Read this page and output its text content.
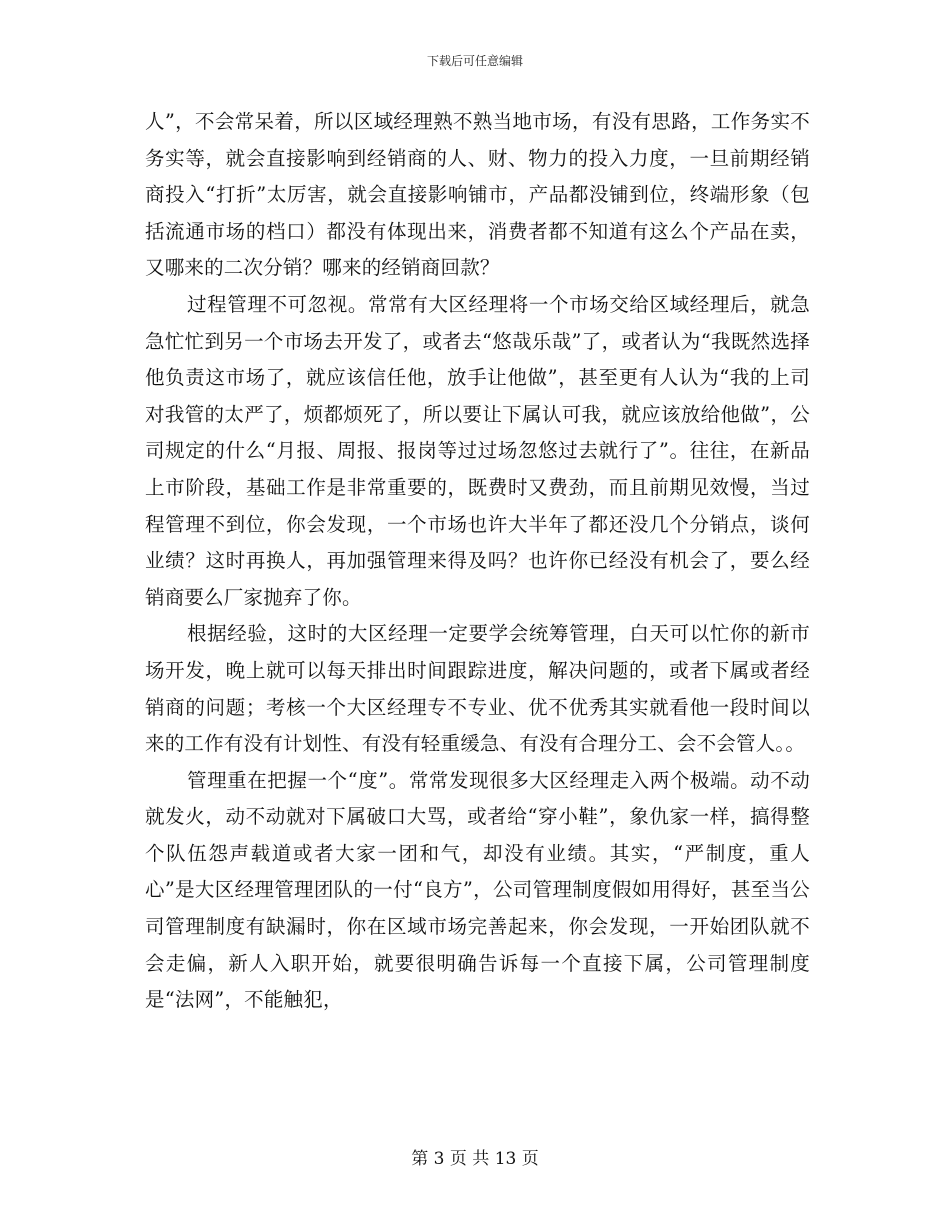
下载后可任意编辑

人”，不会常呆着，所以区域经理熟不熟当地市场，有没有思路，工作务实不务实等，就会直接影响到经销商的人、财、物力的投入力度，一旦前期经销商投入“打折”太厉害，就会直接影响铺市，产品都没铺到位，终端形象（包括流通市场的档口）都没有体现出来，消费者都不知道有这么个产品在卖，又哪来的二次分销？哪来的经销商回款？

过程管理不可忽视。常常有大区经理将一个市场交给区域经理后，就急急忙忙到另一个市场去开发了，或者去“悠哉乐哉”了，或者认为“我既然选择他负责这市场了，就应该信任他，放手让他做”，甚至更有人认为“我的上司对我管的太严了，烦都烦死了，所以要让下属认可我，就应该放给他做”，公司规定的什么“月报、周报、报岗等过过场忽悠过去就行了”。往往，在新品上市阶段，基础工作是非常重要的，既费时又费劲，而且前期见效慢，当过程管理不到位，你会发现，一个市场也许大半年了都还没几个分销点，谈何业绩？这时再换人，再加强管理来得及吗？也许你已经没有机会了，要么经销商要么厂家抛弃了你。

根据经验，这时的大区经理一定要学会统筹管理，白天可以忙你的新市场开发，晚上就可以每天排出时间跟踪进度，解决问题的，或者下属或者经销商的问题；考核一个大区经理专不专业、优不优秀其实就看他一段时间以来的工作有没有计划性、有没有轻重缓急、有没有合理分工、会不会管人。。

管理重在把握一个“度”。常常发现很多大区经理走入两个极端。动不动就发火，动不动就对下属破口大骂，或者给“穿小鞋”，象仇家一样，搞得整个队伍怨声载道或者大家一团和气，却没有业绩。其实，“严制度，重人心”是大区经理管理团队的一付“良方”，公司管理制度假如用得好，甚至当公司管理制度有缺漏时，你在区域市场完善起来，你会发现，一开始团队就不会走偏，新人入职开始，就要很明确告诉每一个直接下属，公司管理制度是“法网”，不能触犯，

第 3 页 共 13 页
